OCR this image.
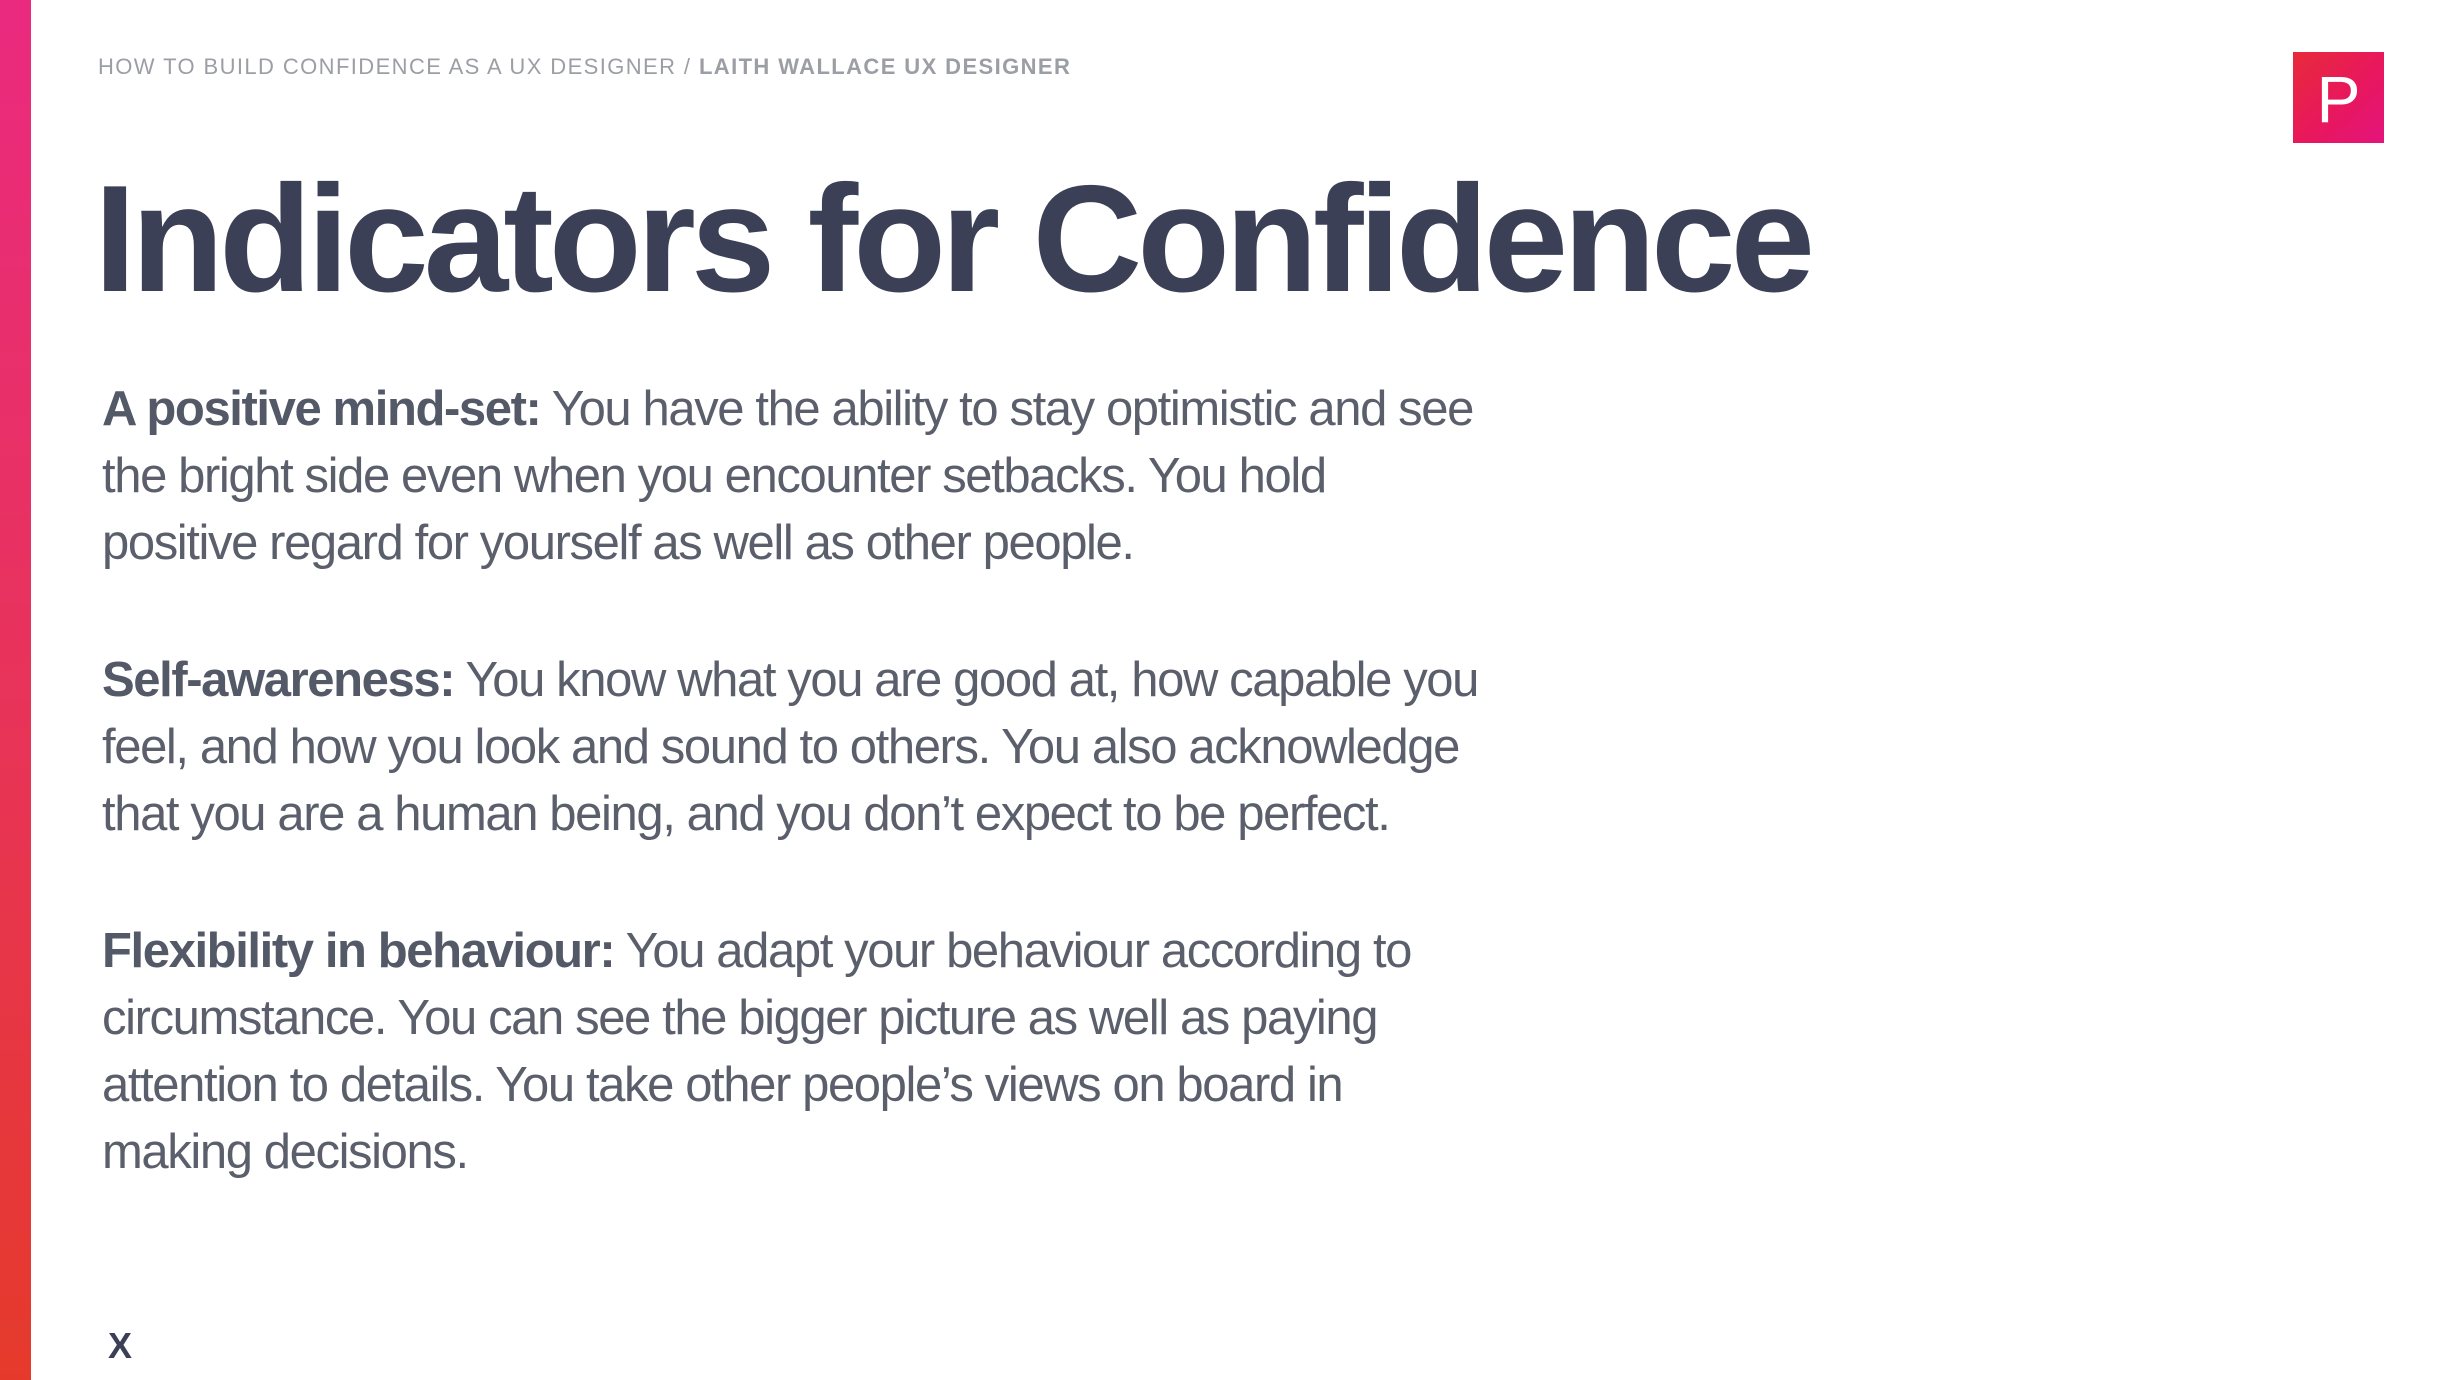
HOW TO BUILD CONFIDENCE AS A UX DESIGNER / LAITH WALLACE UX DESIGNER	P
Indicators for Confidence

A positive mind-set: You have the ability to stay optimistic and see the bright side even when you encounter setbacks. You hold positive regard for yourself as well as other people.

Self-awareness: You know what you are good at, how capable you feel, and how you look and sound to others. You also acknowledge that you are a human being, and you don’t expect to be perfect.

Flexibility in behaviour: You adapt your behaviour according to circumstance. You can see the bigger picture as well as paying attention to details. You take other people’s views on board in making decisions.

X
